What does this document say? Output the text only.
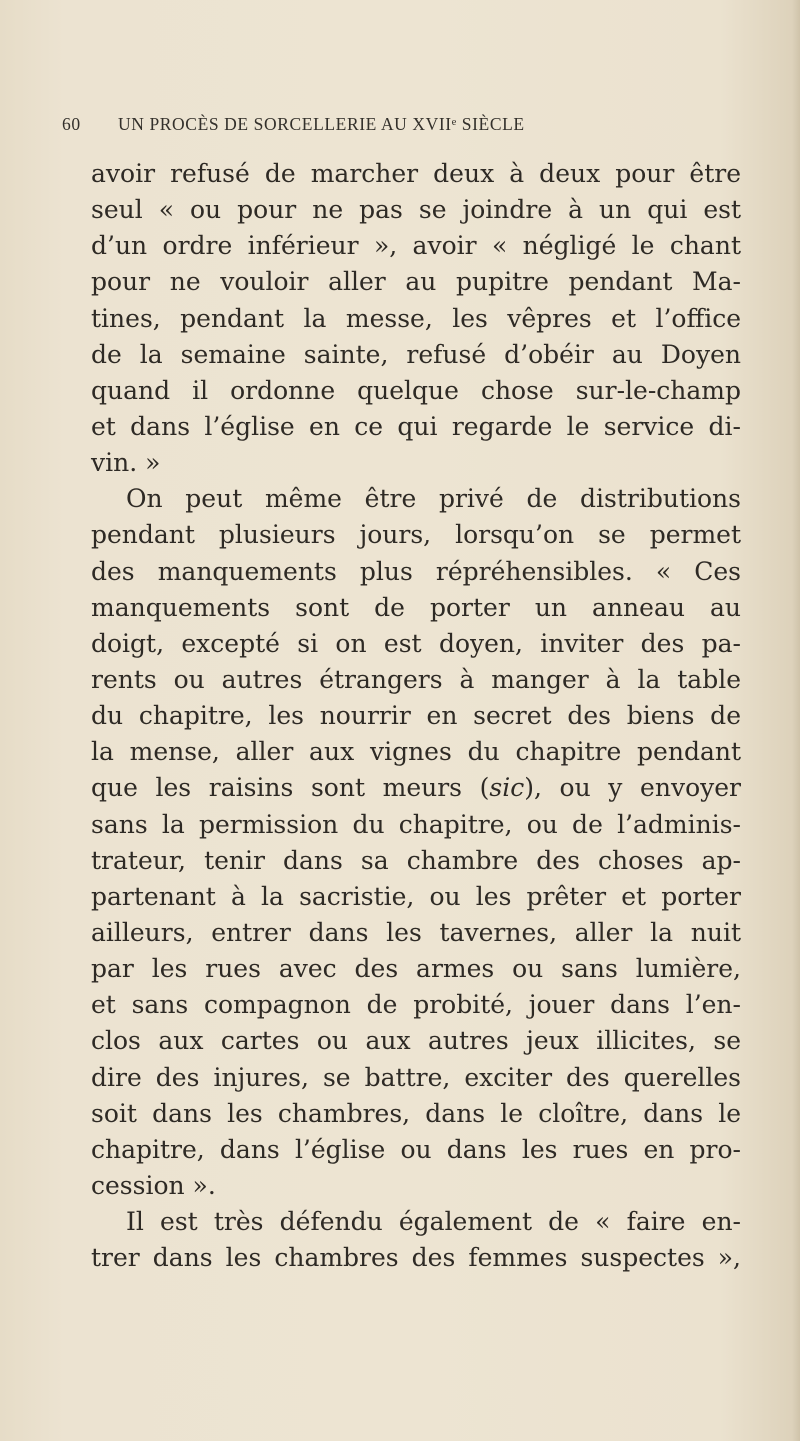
60 UN PROCÈS DE SORCELLERIE AU XVIIᵉ SIÈCLE
avoir refusé de marcher deux à deux pour être
seul « ou pour ne pas se joindre à un qui est
d’un ordre inférieur », avoir « négligé le chant
pour ne vouloir aller au pupitre pendant Ma-
tines, pendant la messe, les vêpres et l’office
de la semaine sainte, refusé d’obéir au Doyen
quand il ordonne quelque chose sur-le-champ
et dans l’église en ce qui regarde le service di-
vin. »
On peut même être privé de distributions
pendant plusieurs jours, lorsqu’on se permet
des manquements plus répréhensibles. « Ces
manquements sont de porter un anneau au
doigt, excepté si on est doyen, inviter des pa-
rents ou autres étrangers à manger à la table
du chapitre, les nourrir en secret des biens de
la mense, aller aux vignes du chapitre pendant
que les raisins sont meurs (sic), ou y envoyer
sans la permission du chapitre, ou de l’adminis-
trateur, tenir dans sa chambre des choses ap-
partenant à la sacristie, ou les prêter et porter
ailleurs, entrer dans les tavernes, aller la nuit
par les rues avec des armes ou sans lumière,
et sans compagnon de probité, jouer dans l’en-
clos aux cartes ou aux autres jeux illicites, se
dire des injures, se battre, exciter des querelles
soit dans les chambres, dans le cloître, dans le
chapitre, dans l’église ou dans les rues en pro-
cession ».
Il est très défendu également de « faire en-
trer dans les chambres des femmes suspectes »,
